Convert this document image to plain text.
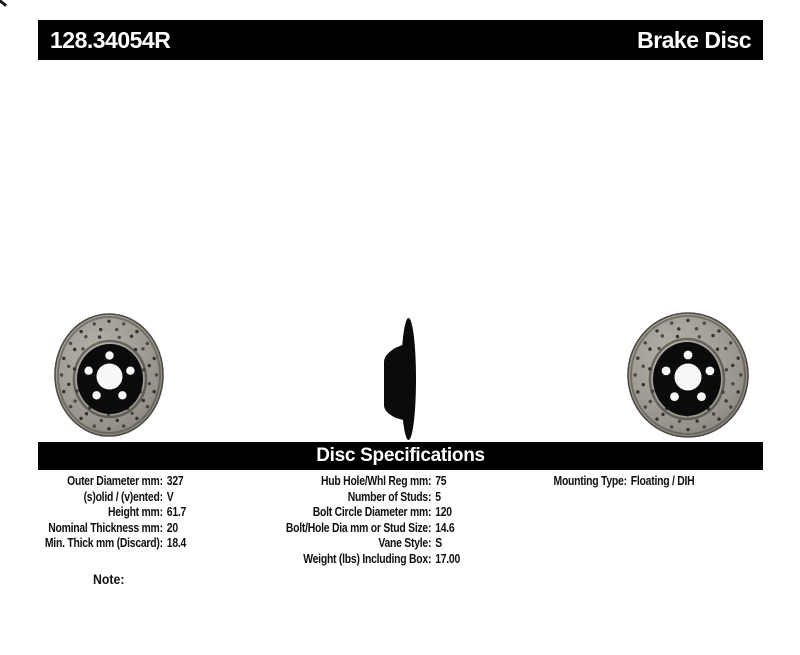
128.34054R	Brake Disc
Disc Specifications
Outer Diameter mm: 327
(s)olid / (v)ented: V
Height mm: 61.7
Nominal Thickness mm: 20
Min. Thick mm (Discard): 18.4
Hub Hole/Whl Reg mm: 75
Number of Studs: 5
Bolt Circle Diameter mm: 120
Bolt/Hole Dia mm or Stud Size: 14.6
Vane Style: S
Weight (lbs) Including Box: 17.00
Mounting Type: Floating / DIH
Note:
